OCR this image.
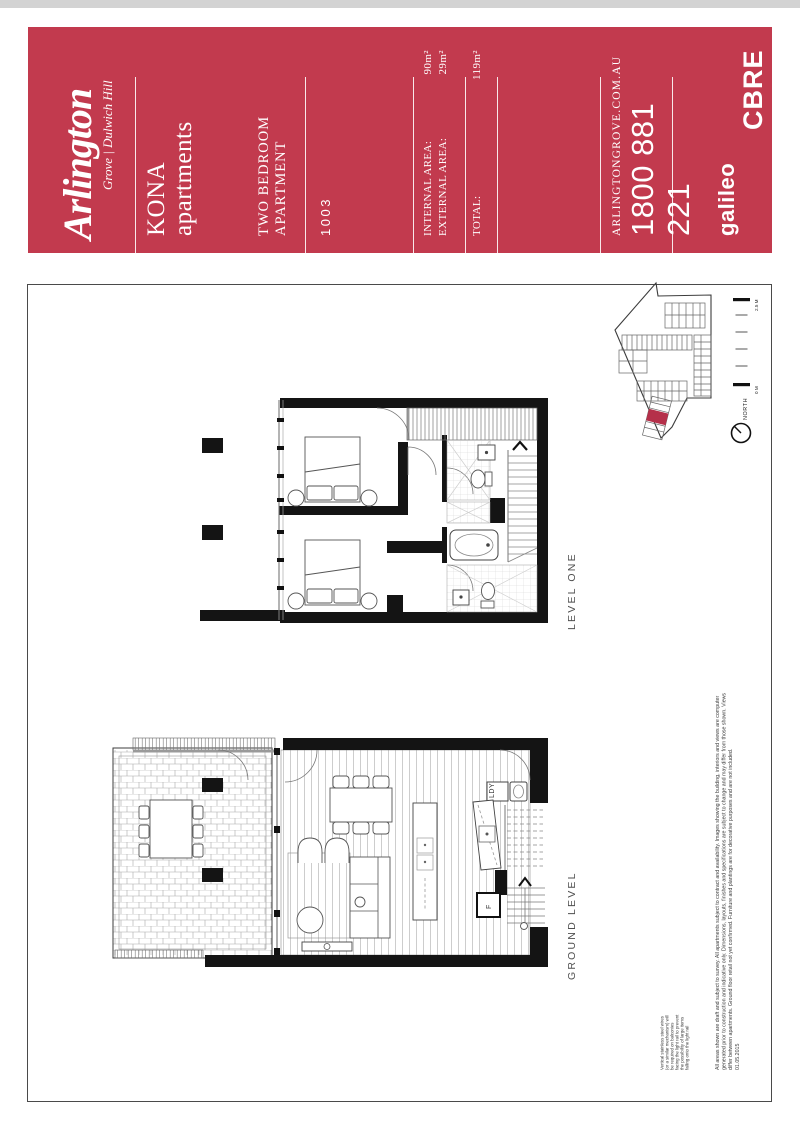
Arlington Grove | Dulwich Hill
KONA apartments	TWO BEDROOM APARTMENT 1003	INTERNAL AREA:
90m²
EXTERNAL AREA:
29m²
TOTAL:
119m²	ARLINGTONGROVE.COM.AU 1800 881 221 galileo
CBRE
2.5 M
0 M
NORTH
LEVEL ONE
LDY
F	GROUND LEVEL
Vertical stainless steel wires (or a similar mechanism) will be required on balconies facing the light rail to prevent the possibility of large items falling onto the light rail All areas shown are draft and subject to survey. All apartments subject to contract and availability. Images showing the building, interiors and views are computer generated prior to construction and indicative only. Dimensions, layouts, finishes and specifications are subject to change and may differ from those shown. Views differ between apartments. Ground floor retail not yet confirmed. Furniture and plantings are for decorative purposes and are not included. 01.05.2015
